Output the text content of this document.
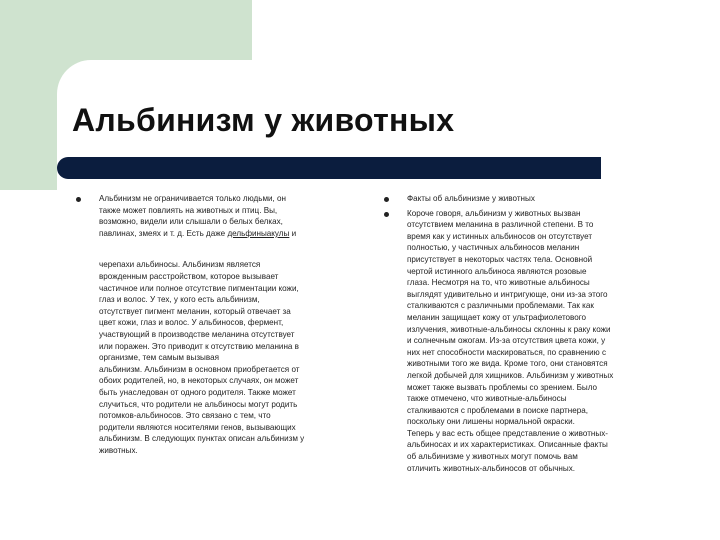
Альбинизм у животных

Альбинизм не ограничивается только людьми, он
также может повлиять на животных и птиц. Вы,
возможно, видели или слышали о белых белках,
павлинах, змеях и т. д. Есть даже дельфиныакулы и

черепахи альбиносы. Альбинизм является
врожденным расстройством, которое вызывает
частичное или полное отсутствие пигментации кожи,
глаз и волос. У тех, у кого есть альбинизм,
отсутствует пигмент меланин, который отвечает за
цвет кожи, глаз и волос. У альбиносов, фермент,
участвующий в производстве меланина отсутствует
или поражен. Это приводит к отсутствию меланина в
организме, тем самым вызывая
альбинизм. Альбинизм в основном приобретается от
обоих родителей, но, в некоторых случаях, он может
быть унаследован от одного родителя. Также может
случиться, что родители не альбиносы могут родить
потомков-альбиносов. Это связано с тем, что
родители являются носителями генов, вызывающих
альбинизм. В следующих пунктах описан альбинизм у
животных.

Факты об альбинизме у животных

Короче говоря, альбинизм у животных вызван
отсутствием меланина в различной степени. В то
время как у истинных альбиносов он отсутствует
полностью, у частичных альбиносов меланин
присутствует в некоторых частях тела. Основной
чертой истинного альбиноса являются розовые
глаза. Несмотря на то, что животные альбиносы
выглядят удивительно и интригующе, они из-за этого
сталкиваются с различными проблемами. Так как
меланин защищает кожу от ультрафиолетового
излучения, животные-альбиносы склонны к раку кожи
и солнечным ожогам. Из-за отсутствия цвета кожи, у
них нет способности маскироваться, по сравнению с
животными того же вида. Кроме того, они становятся
легкой добычей для хищников. Альбинизм у животных
может также вызвать проблемы со зрением. Было
также отмечено, что животные-альбиносы
сталкиваются с проблемами в поиске партнера,
поскольку они лишены нормальной окраски.
Теперь у вас есть общее представление о животных-
альбиносах и их характеристиках. Описанные факты
об альбинизме у животных могут помочь вам
отличить животных-альбиносов от обычных.
